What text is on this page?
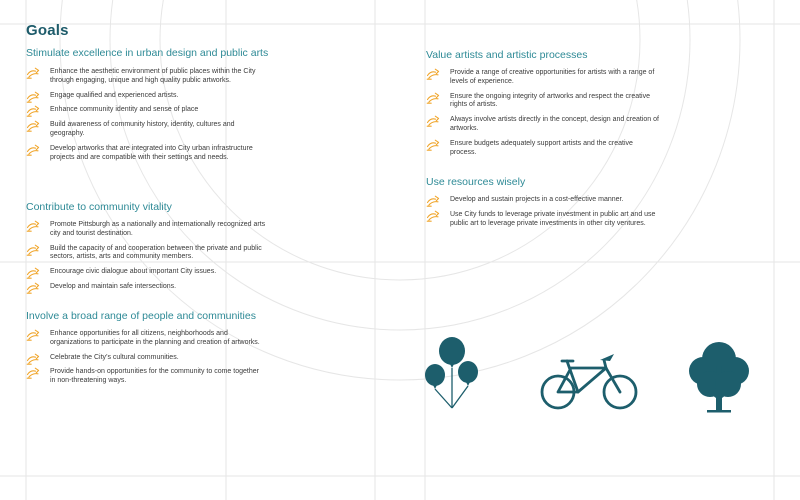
Goals
Stimulate excellence in urban design and public arts
Enhance the aesthetic environment of public places within the City through engaging, unique and high quality public artworks.
Engage qualified and experienced artists.
Enhance community identity and sense of place
Build awareness of community history, identity, cultures and geography.
Develop artworks that are integrated into City urban infrastructure projects and are compatible with their settings and needs.
Contribute to community vitality
Promote Pittsburgh as a nationally and internationally recognized arts city and tourist destination.
Build the capacity of and cooperation between the private and public sectors, artists, arts and community members.
Encourage civic dialogue about important City issues.
Develop and maintain safe intersections.
Involve a broad range of people and communities
Enhance opportunities for all citizens, neighborhoods and organizations to participate in the planning and creation of artworks.
Celebrate the City’s cultural communities.
Provide hands-on opportunities for the community to come together in non-threatening ways.
Value artists and artistic processes
Provide a range of creative opportunities for artists with a range of levels of experience.
Ensure the ongoing integrity of artworks and respect the creative rights of artists.
Always involve artists directly in the concept, design and creation of artworks.
Ensure budgets adequately support artists and the creative process.
Use resources wisely
Develop and sustain projects in a cost-effective manner.
Use City funds to leverage private investment in public art and use public art to leverage private investments in other city ventures.
